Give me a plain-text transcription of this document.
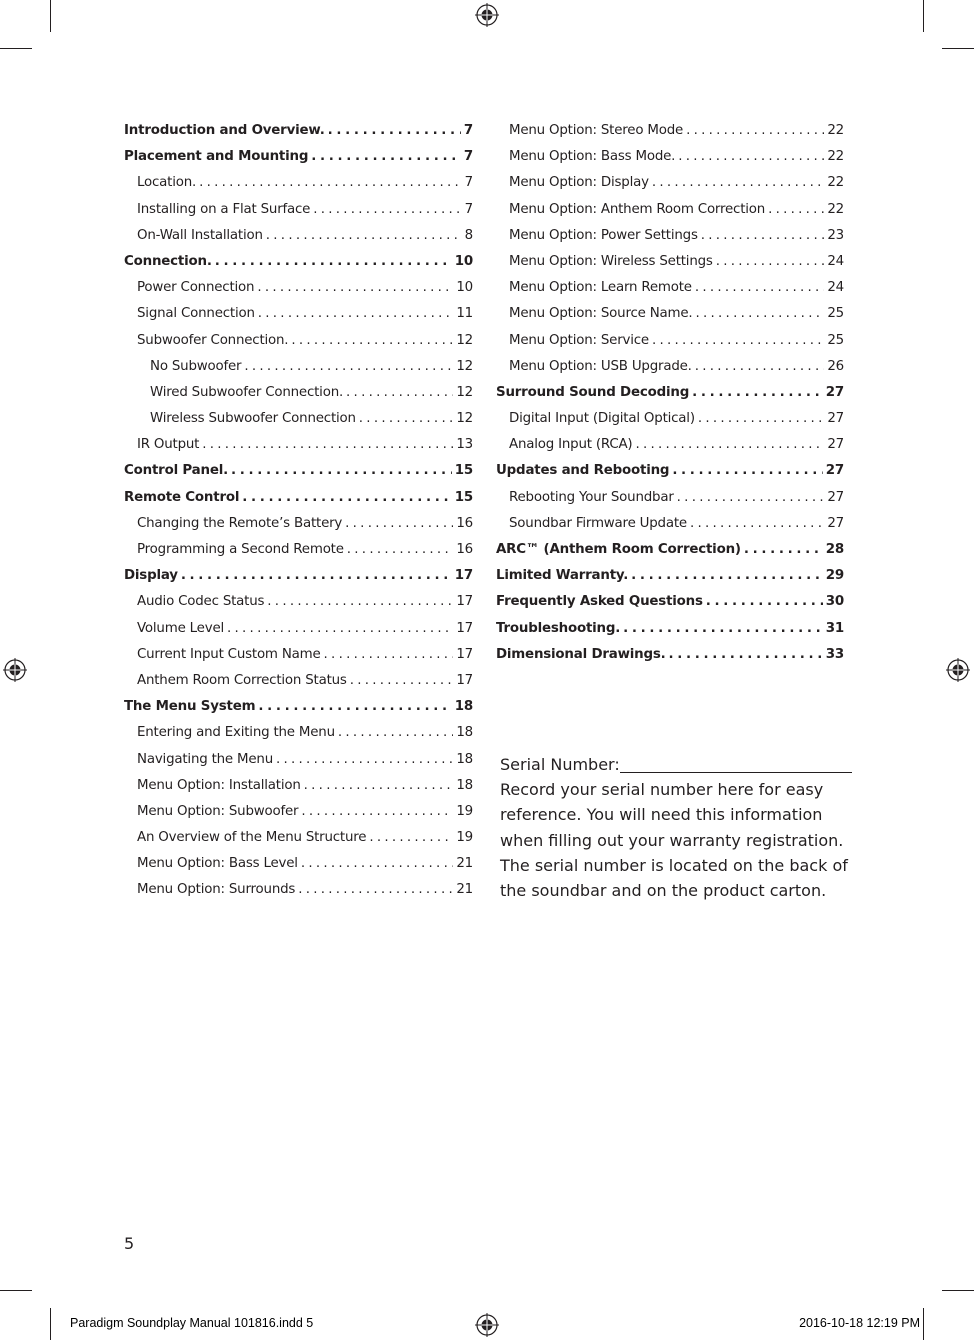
Introduction and Overview. . . .	7
Placement and Mounting . . .	7
Location. . . .	7
Installing on a Flat Surface . . .	7
On-Wall Installation . . .	8
Connection. . . .	10
Power Connection . . .	10
Signal Connection . . .	11
Subwoofer Connection. . . .	12
No Subwoofer . . .	12
Wired Subwoofer Connection. . . .	12
Wireless Subwoofer Connection . . .	12
IR Output . . .	13
Control Panel. . . .	15
Remote Control . . .	15
Changing the Remote’s Battery . . .	16
Programming a Second Remote . . .	16
Display . . .	17
Audio Codec Status . . .	17
Volume Level . . .	17
Current Input Custom Name . . .	17
Anthem Room Correction Status . . .	17
The Menu System . . .	18
Entering and Exiting the Menu . . .	18
Navigating the Menu . . .	18
Menu Option: Installation . . .	18
Menu Option: Subwoofer . . .	19
An Overview of the Menu Structure . . .	19
Menu Option: Bass Level . . .	21
Menu Option: Surrounds . . .	21
Menu Option: Stereo Mode . . .	22
Menu Option: Bass Mode. . . .	22
Menu Option: Display . . .	22
Menu Option: Anthem Room Correction . . .	22
Menu Option: Power Settings . . .	23
Menu Option: Wireless Settings . . .	24
Menu Option: Learn Remote . . .	24
Menu Option: Source Name. . . .	25
Menu Option: Service . . .	25
Menu Option: USB Upgrade. . . .	26
Surround Sound Decoding . . .	27
Digital Input (Digital Optical) . . .	27
Analog Input (RCA) . . .	27
Updates and Rebooting . . .	27
Rebooting Your Soundbar . . .	27
Soundbar Firmware Update . . .	27
ARC™ (Anthem Room Correction) . . .	28
Limited Warranty. . . .	29
Frequently Asked Questions . . .	30
Troubleshooting. . . .	31
Dimensional Drawings. . . .	33
Serial Number:
Record your serial number here for easy reference. You will need this information when filling out your warranty registration. The serial number is located on the back of the soundbar and on the product carton.
5
Paradigm Soundplay Manual 101816.indd 5	2016-10-18 12:19 PM
